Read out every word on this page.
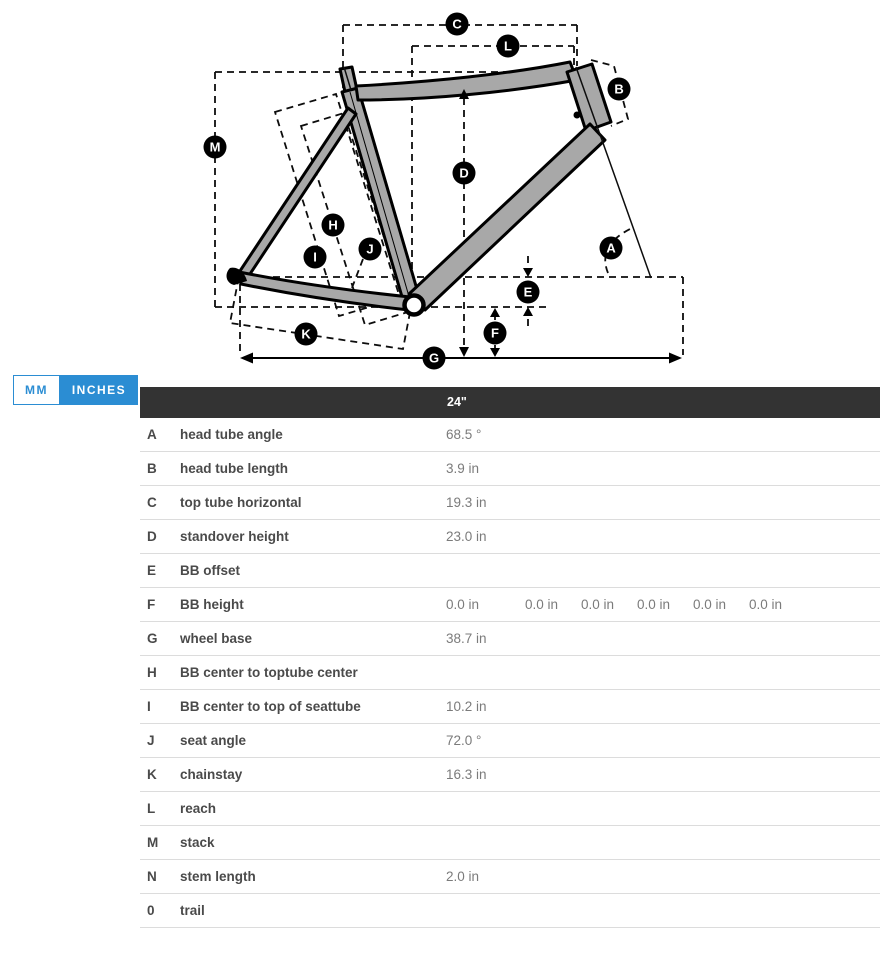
A
B
C
D
E
F
G
H
I
J
K
L
M
MM	INCHES
24"
A	head tube angle	68.5 °
B	head tube length	3.9 in
C	top tube horizontal	19.3 in
D	standover height	23.0 in
E	BB offset
F	BB height	0.0 in	0.0 in	0.0 in	0.0 in	0.0 in	0.0 in
G	wheel base	38.7 in
H	BB center to toptube center
I	BB center to top of seattube	10.2 in
J	seat angle	72.0 °
K	chainstay	16.3 in
L	reach
M	stack
N	stem length	2.0 in
0	trail
